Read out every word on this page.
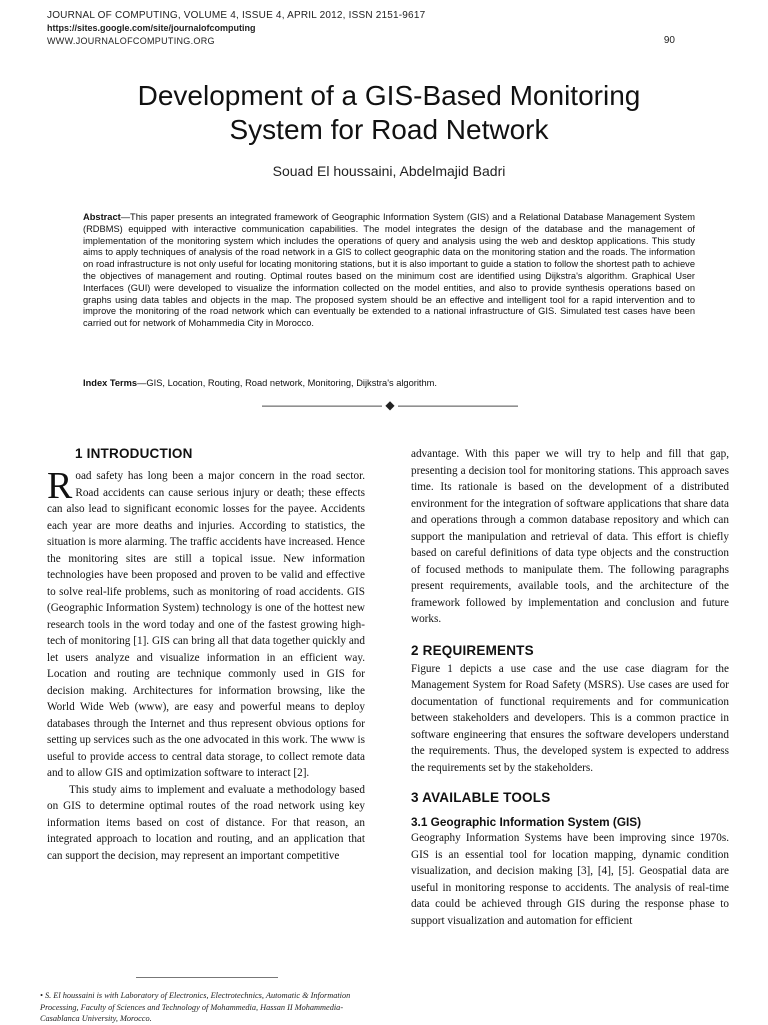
JOURNAL OF COMPUTING, VOLUME 4, ISSUE 4, APRIL 2012, ISSN 2151-9617
https://sites.google.com/site/journalofcomputing
WWW.JOURNALOFCOMPUTING.ORG	90
Development of a GIS-Based Monitoring
System for Road Network
Souad El houssaini, Abdelmajid Badri

Abstract—This paper presents an integrated framework of Geographic Information System (GIS) and a Relational Database Management System (RDBMS) equipped with interactive communication capabilities. The model integrates the design of the database and the management of implementation of the monitoring system which includes the operations of query and analysis using the web and desktop applications. This study aims to apply techniques of analysis of the road network in a GIS to collect geographic data on the monitoring station and the roads. The information on road infrastructure is not only useful for locating monitoring stations, but it is also important to guide a station to follow the shortest path to achieve the objectives of management and routing. Optimal routes based on the minimum cost are identified using Dijkstra's algorithm. Graphical User Interfaces (GUI) were developed to visualize the information collected on the model entities, and also to provide synthesis operations based on graphs using data tables and objects in the map. The proposed system should be an effective and intelligent tool for a rapid intervention and to improve the monitoring of the road network which can eventually be extended to a national infrastructure of GIS. Simulated test cases have been carried out for network of Mohammedia City in Morocco.

Index Terms—GIS, Location, Routing, Road network, Monitoring, Dijkstra's algorithm.

—————————— ◆ ——————————
1 INTRODUCTION

Road safety has long been a major concern in the road sector. Road accidents can cause serious injury or death; these effects can also lead to significant economic losses for the payee. Accidents each year are more deaths and injuries. According to statistics, the situation is more alarming. The traffic accidents have increased. Hence the monitoring sites are still a topical issue. New information technologies have been proposed and proven to be valid and effective to solve real-life problems, such as monitoring of road accidents. GIS (Geographic Information System) technology is one of the hottest new research tools in the word today and one of the fastest growing high-tech of monitoring [1]. GIS can bring all that data together quickly and let users analyze and visualize information in an efficient way. Location and routing are technique commonly used in GIS for decision making. Architectures for information browsing, like the World Wide Web (www), are easy and powerful means to deploy databases through the Internet and thus represent obvious options for setting up services such as the one advocated in this work. The www is useful to provide access to central data storage, to collect remote data and to allow GIS and optimization software to interact [2].

This study aims to implement and evaluate a methodology based on GIS to determine optimal routes of the road network using key information items based on cost of distance. For that reason, an integrated approach to location and routing, and an application that can support the decision, may represent an important competitive

advantage. With this paper we will try to help and fill that gap, presenting a decision tool for monitoring stations. This approach saves time. Its rationale is based on the development of a distributed environment for the integration of software applications that share data and operations through a common database repository and which can support the manipulation and retrieval of data. This effort is chiefly based on careful definitions of data type objects and the construction of focused methods to manipulate them. The following paragraphs present requirements, available tools, and the architecture of the framework followed by implementation and conclusion and future works.

2 REQUIREMENTS

Figure 1 depicts a use case and the use case diagram for the Management System for Road Safety (MSRS). Use cases are used for documentation of functional requirements and for communication between stakeholders and developers. This is a common practice in software engineering that ensures the software developers understand the requirements. Thus, the developed system is expected to address the requirements set by the stakeholders.

3 AVAILABLE TOOLS
3.1 Geographic Information System (GIS)

Geography Information Systems have been improving since 1970s. GIS is an essential tool for location mapping, dynamic condition visualization, and decision making [3], [4], [5]. Geospatial data are useful in monitoring response to accidents. The analysis of real-time data could be achieved through GIS during the response phase to support visualization and automation for efficient

• S. El houssaini is with Laboratory of Electronics, Electrotechnics, Automatic & Information Processing, Faculty of Sciences and Technology of Mohammedia, Hassan II Mohammedia- Casablanca University, Morocco.
